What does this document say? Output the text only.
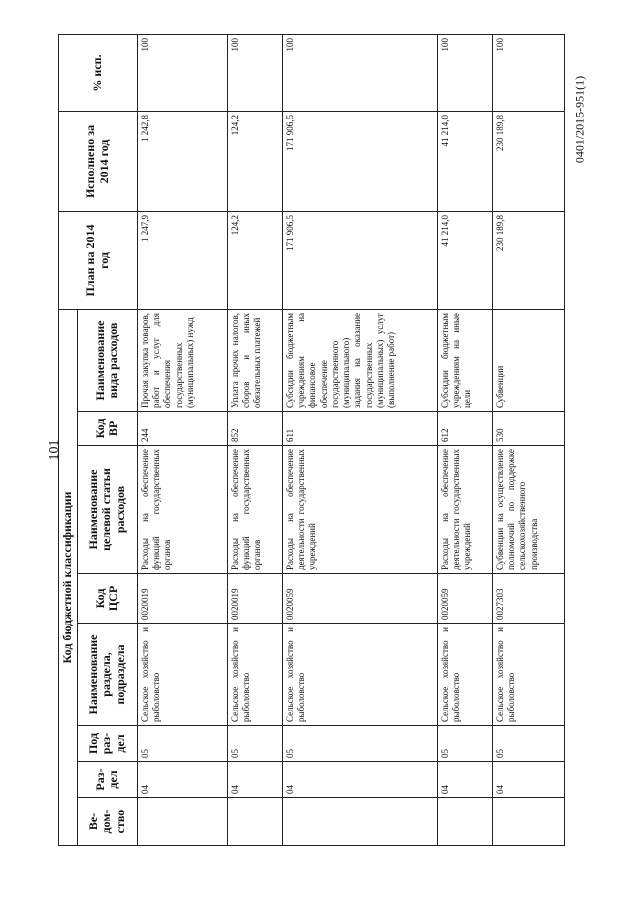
101
0401/2015-951(1)
Код бюджетной классификации								План на 2014 год	Исполнено за 2014 год	% исп.
Ве-дом-ство	Раз-дел	Под раз-дел	Наименование раздела, подраздела	Код ЦСР	Наименование целевой статьи расходов	Код ВР	Наименование вида расходов			
	04	05	Сельское хозяйство и рыболовство	0020019	Расходы на обеспечение функций государственных органов	244	Прочая закупка товаров, работ и услуг для обеспечения государственных (муниципальных) нужд	1 247,9	1 242,8	100
	04	05	Сельское хозяйство и рыболовство	0020019	Расходы на обеспечение функций государственных органов	852	Уплата прочих налогов, сборов и иных обязательных платежей	124,2	124,2	100
	04	05	Сельское хозяйство и рыболовство	0020059	Расходы на обеспечение деятельности государственных учреждений	611	Субсидии бюджетным учреждениям на финансовое обеспечение государственного (муниципального) задания на оказание государственных (муниципальных) услуг (выполнение работ)	171 906,5	171 906,5	100
	04	05	Сельское хозяйство и рыболовство	0020059	Расходы на обеспечение деятельности государственных учреждений	612	Субсидии бюджетным учреждениям на иные цели	41 214,0	41 214,0	100
	04	05	Сельское хозяйство и рыболовство	0027303	Субвенции на осуществление полномочий по поддержке сельскохозяйственного производства	530	Субвенции	230 189,8	230 189,8	100
